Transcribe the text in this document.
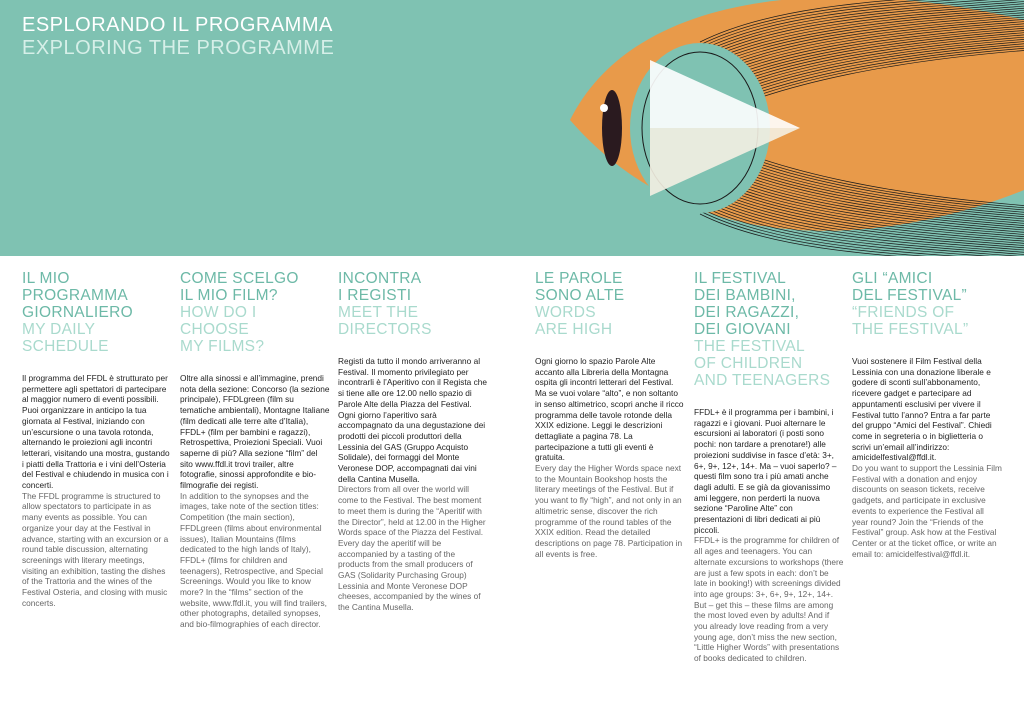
ESPLORANDO IL PROGRAMMA
EXPLORING THE PROGRAMME
IL MIO
PROGRAMMA
GIORNALIERO
MY DAILY
SCHEDULE

Il programma del FFDL è strutturato per permettere agli spettatori di partecipare al maggior numero di eventi possibili. Puoi organizzare in anticipo la tua giornata al Festival, iniziando con un’escursione o una tavola rotonda, alternando le proiezioni agli incontri letterari, visitando una mostra, gustando i piatti della Trattoria e i vini dell’Osteria del Festival e chiudendo in musica con i concerti.

The FFDL programme is structured to allow spectators to participate in as many events as possible. You can organize your day at the Festival in advance, starting with an excursion or a round table discussion, alternating screenings with literary meetings, visiting an exhibition, tasting the dishes of the Trattoria and the wines of the Festival Osteria, and closing with music concerts.

COME SCELGO
IL MIO FILM?
HOW DO I
CHOOSE
MY FILMS?

Oltre alla sinossi e all’immagine, prendi nota della sezione: Concorso (la sezione principale), FFDLgreen (film su tematiche ambientali), Montagne Italiane (film dedicati alle terre alte d’Italia), FFDL+ (film per bambini e ragazzi), Retrospettiva, Proiezioni Speciali. Vuoi saperne di più? Alla sezione “film” del sito www.ffdl.it trovi trailer, altre fotografie, sinossi approfondite e bio-filmografie dei registi.

In addition to the synopses and the images, take note of the section titles: Competition (the main section), FFDLgreen (films about environmental issues), Italian Mountains (films dedicated to the high lands of Italy), FFDL+ (films for children and teenagers), Retrospective, and Special Screenings. Would you like to know more? In the “films” section of the website, www.ffdl.it, you will find trailers, other photographs, detailed synopses, and bio-filmographies of each director.

INCONTRA
I REGISTI
MEET THE
DIRECTORS

Registi da tutto il mondo arriveranno al Festival. Il momento privilegiato per incontrarli è l’Aperitivo con il Regista che si tiene alle ore 12.00 nello spazio di Parole Alte della Piazza del Festival. Ogni giorno l’aperitivo sarà accompagnato da una degustazione dei prodotti dei piccoli produttori della Lessinia del GAS (Gruppo Acquisto Solidale), dei formaggi del Monte Veronese DOP, accompagnati dai vini della Cantina Musella.

Directors from all over the world will come to the Festival. The best moment to meet them is during the “Aperitif with the Director”, held at 12.00 in the Higher Words space of the Piazza del Festival. Every day the aperitif will be accompanied by a tasting of the products from the small producers of GAS (Solidarity Purchasing Group) Lessinia and Monte Veronese DOP cheeses, accompanied by the wines of the Cantina Musella.

LE PAROLE
SONO ALTE
WORDS
ARE HIGH

Ogni giorno lo spazio Parole Alte accanto alla Libreria della Montagna ospita gli incontri letterari del Festival. Ma se vuoi volare “alto”, e non soltanto in senso altimetrico, scopri anche il ricco programma delle tavole rotonde della XXIX edizione. Leggi le descrizioni dettagliate a pagina 78. La partecipazione a tutti gli eventi è gratuita.

Every day the Higher Words space next to the Mountain Bookshop hosts the literary meetings of the Festival. But if you want to fly “high”, and not only in an altimetric sense, discover the rich programme of the round tables of the XXIX edition. Read the detailed descriptions on page 78. Participation in all events is free.

IL FESTIVAL
DEI BAMBINI,
DEI RAGAZZI,
DEI GIOVANI
THE FESTIVAL
OF CHILDREN
AND TEENAGERS

FFDL+ è il programma per i bambini, i ragazzi e i giovani. Puoi alternare le escursioni ai laboratori (i posti sono pochi: non tardare a prenotare!) alle proiezioni suddivise in fasce d’età: 3+, 6+, 9+, 12+, 14+. Ma – vuoi saperlo? – questi film sono tra i più amati anche dagli adulti. E se già da giovanissimo ami leggere, non perderti la nuova sezione “Paroline Alte” con presentazioni di libri dedicati ai più piccoli.

FFDL+ is the programme for children of all ages and teenagers. You can alternate excursions to workshops (there are just a few spots in each: don’t be late in booking!) with screenings divided into age groups: 3+, 6+, 9+, 12+, 14+. But – get this – these films are among the most loved even by adults! And if you already love reading from a very young age, don’t miss the new section, “Little Higher Words” with presentations of books dedicated to children.

GLI “AMICI
DEL FESTIVAL”
“FRIENDS OF
THE FESTIVAL”

Vuoi sostenere il Film Festival della Lessinia con una donazione liberale e godere di sconti sull’abbonamento, ricevere gadget e partecipare ad appuntamenti esclusivi per vivere il Festival tutto l’anno? Entra a far parte del gruppo “Amici del Festival”. Chiedi come in segreteria o in biglietteria o scrivi un’email all’indirizzo: amicidelfestival@ffdl.it.

Do you want to support the Lessinia Film Festival with a donation and enjoy discounts on season tickets, receive gadgets, and participate in exclusive events to experience the Festival all year round? Join the “Friends of the Festival” group. Ask how at the Festival Center or at the ticket office, or write an email to: amicidelfestival@ffdl.it.
